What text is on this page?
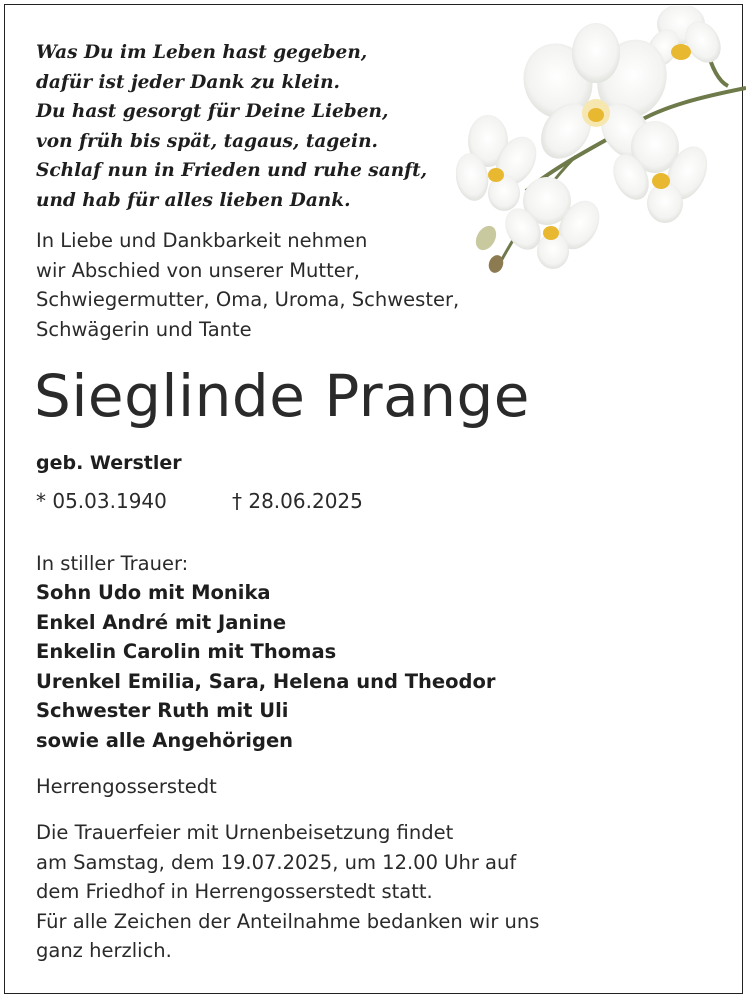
Was Du im Leben hast gegeben,
dafür ist jeder Dank zu klein.
Du hast gesorgt für Deine Lieben,
von früh bis spät, tagaus, tagein.
Schlaf nun in Frieden und ruhe sanft,
und hab für alles lieben Dank.
In Liebe und Dankbarkeit nehmen
wir Abschied von unserer Mutter,
Schwiegermutter, Oma, Uroma, Schwester,
Schwägerin und Tante
Sieglinde Prange
geb. Werstler
* 05.03.1940	† 28.06.2025
In stiller Trauer:
Sohn Udo mit Monika
Enkel André mit Janine
Enkelin Carolin mit Thomas
Urenkel Emilia, Sara, Helena und Theodor
Schwester Ruth mit Uli
sowie alle Angehörigen
Herrengosserstedt
Die Trauerfeier mit Urnenbeisetzung findet
am Samstag, dem 19.07.2025, um 12.00 Uhr auf
dem Friedhof in Herrengosserstedt statt.
Für alle Zeichen der Anteilnahme bedanken wir uns
ganz herzlich.
